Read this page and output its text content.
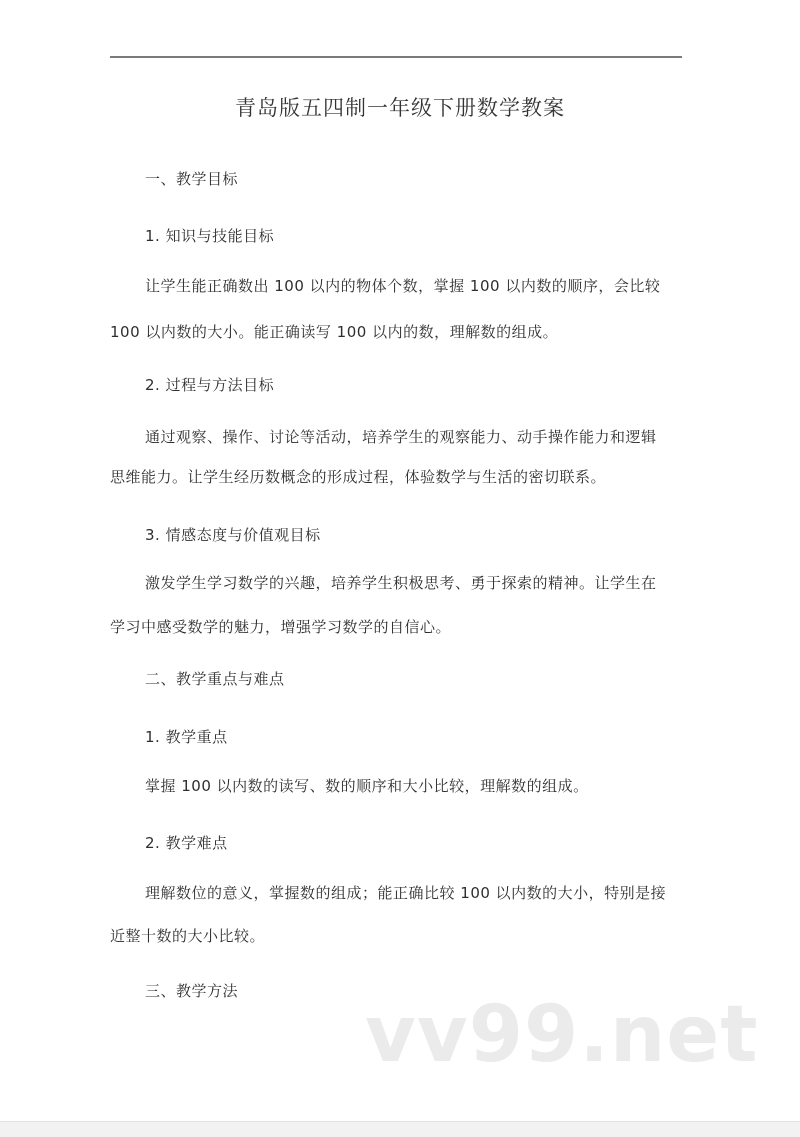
青岛版五四制一年级下册数学教案
一、教学目标
1. 知识与技能目标
让学生能正确数出 100 以内的物体个数，掌握 100 以内数的顺序，会比较
100 以内数的大小。能正确读写 100 以内的数，理解数的组成。
2. 过程与方法目标
通过观察、操作、讨论等活动，培养学生的观察能力、动手操作能力和逻辑
思维能力。让学生经历数概念的形成过程，体验数学与生活的密切联系。
3. 情感态度与价值观目标
激发学生学习数学的兴趣，培养学生积极思考、勇于探索的精神。让学生在
学习中感受数学的魅力，增强学习数学的自信心。
二、教学重点与难点
1. 教学重点
掌握 100 以内数的读写、数的顺序和大小比较，理解数的组成。
2. 教学难点
理解数位的意义，掌握数的组成；能正确比较 100 以内数的大小，特别是接
近整十数的大小比较。
三、教学方法 vv99.net
